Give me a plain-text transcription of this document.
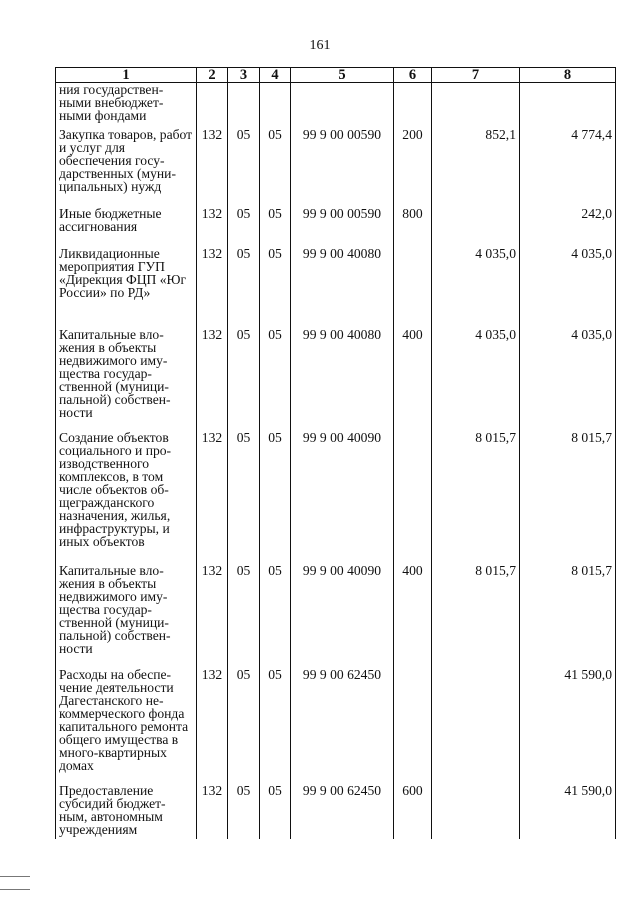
161
1	2	3	4	5	6	7	8
ния государствен-ными внебюджет-ными фондами							
Закупка товаров, работ и услуг для обеспечения госу-дарственных (муни-ципальных) нужд	132	05	05	99 9 00 00590	200	852,1	4 774,4
Иные бюджетные ассигнования	132	05	05	99 9 00 00590	800		242,0
Ликвидационные мероприятия ГУП «Дирекция ФЦП «Юг России» по РД»	132	05	05	99 9 00 40080		4 035,0	4 035,0
Капитальные вло-жения в объекты недвижимого иму-щества государ-ственной (муници-пальной) собствен-ности	132	05	05	99 9 00 40080	400	4 035,0	4 035,0
Создание объектов социального и про-изводственного комплексов, в том числе объектов об-щегражданского назначения, жилья, инфраструктуры, и иных объектов	132	05	05	99 9 00 40090		8 015,7	8 015,7
Капитальные вло-жения в объекты недвижимого иму-щества государ-ственной (муници-пальной) собствен-ности	132	05	05	99 9 00 40090	400	8 015,7	8 015,7
Расходы на обеспе-чение деятельности Дагестанского не-коммерческого фонда капитального ремонта общего имущества в много-квартирных домах	132	05	05	99 9 00 62450			41 590,0
Предоставление субсидий бюджет-ным, автономным учреждениям	132	05	05	99 9 00 62450	600		41 590,0
